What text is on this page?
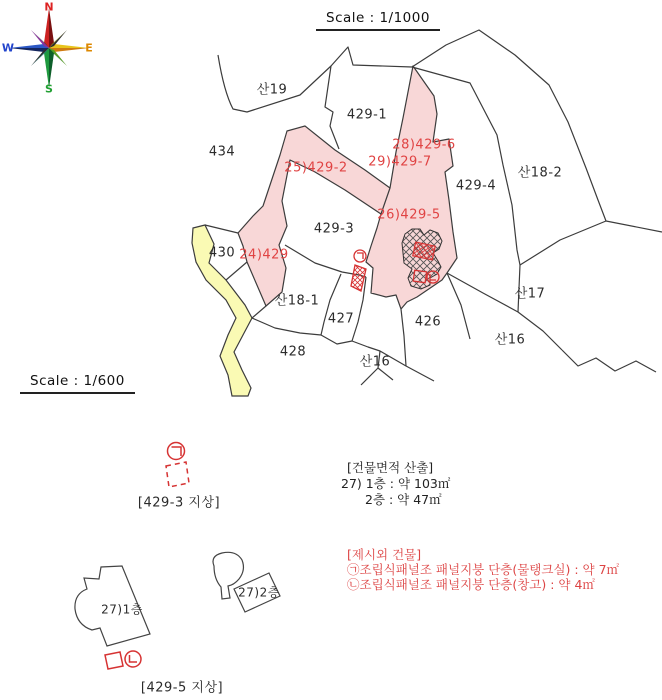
N
W	E
S
Scale : 1/1000
Scale : 1/600
산19
429-1
434
429-4
산18-2
429-3
430
산18-1
427	426
산17
산16
산16
428
25)429-2
28)429-6
29)429-7
26)429-5
24)429
[429-3 지상]
27)1층
27)2층
[429-5 지상]
[건물면적 산출]
27) 1층 : 약 103㎡
2층 : 약 47㎡
[제시외 건물]
㉠조립식패널조 패널지붕 단층(물탱크실) : 약 7㎡
㉡조립식패널조 패널지붕 단층(창고) : 약 4㎡
